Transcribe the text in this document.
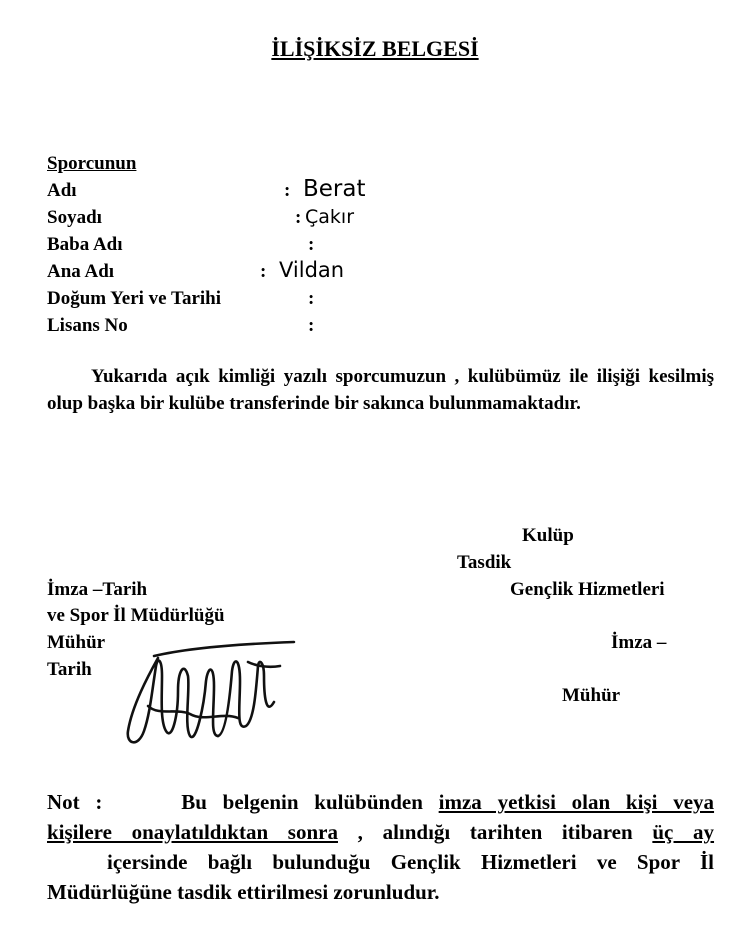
İLİŞİKSİZ BELGESİ
Sporcunun
Adı	: Berat
Soyadı	: Çakır
Baba Adı	:
Ana Adı	: Vildan
Doğum Yeri ve Tarihi	:
Lisans No	:
Yukarıda açık kimliği yazılı sporcumuzun , kulübümüz ile ilişiği kesilmiş olup başka bir kulübe transferinde bir sakınca bulunmamaktadır.
Kulüp
Tasdik
İmza –Tarih	Gençlik Hizmetleri
ve Spor İl Müdürlüğü
Mühür	İmza –
Tarih
Mühür
Not :	Bu belgenin kulübünden imza yetkisi olan kişi veya
kişilere onaylatıldıktan sonra , alındığı tarihten itibaren üç ay
içersinde bağlı bulunduğu Gençlik Hizmetleri ve Spor İl
Müdürlüğüne tasdik ettirilmesi zorunludur.
